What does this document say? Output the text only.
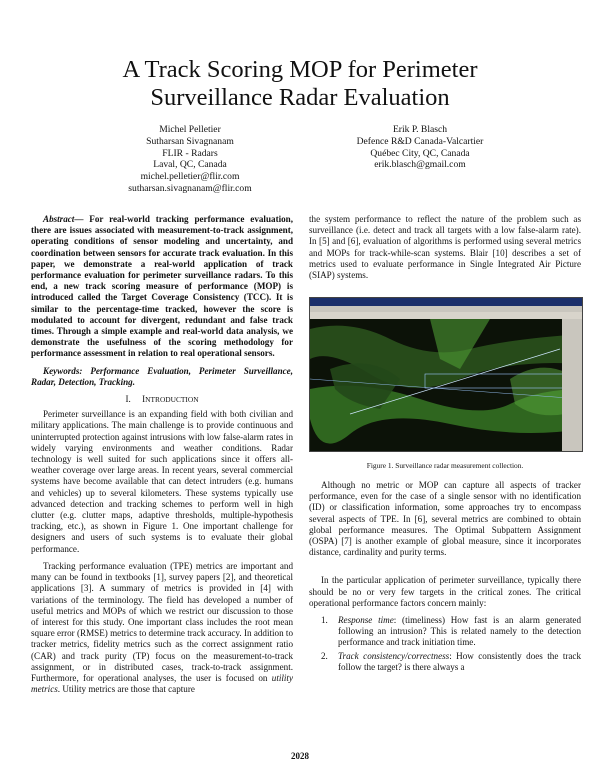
A Track Scoring MOP for Perimeter
Surveillance Radar Evaluation
Michel Pelletier
Sutharsan Sivagnanam
FLIR - Radars
Laval, QC, Canada
michel.pelletier@flir.com
sutharsan.sivagnanam@flir.com
Erik P. Blasch
Defence R&D Canada-Valcartier
Québec City, QC, Canada
erik.blasch@gmail.com

Abstract— For real-world tracking performance evaluation, there are issues associated with measurement-to-track assignment, operating conditions of sensor modeling and uncertainty, and coordination between sensors for accurate track evaluation. In this paper, we demonstrate a real-world application of track performance evaluation for perimeter surveillance radars. To this end, a new track scoring measure of performance (MOP) is introduced called the Target Coverage Consistency (TCC). It is similar to the percentage-time tracked, however the score is modulated to account for divergent, redundant and false track times. Through a simple example and real-world data analysis, we demonstrate the usefulness of the scoring methodology for performance assessment in relation to real operational sensors.

Keywords: Performance Evaluation, Perimeter Surveillance, Radar, Detection, Tracking.

I. INTRODUCTION

Perimeter surveillance is an expanding field with both civilian and military applications. The main challenge is to provide continuous and uninterrupted protection against intrusions with low false-alarm rates in widely varying environments and weather conditions. Radar technology is well suited for such applications since it offers all-weather coverage over large areas. In recent years, several commercial systems have become available that can detect intruders (e.g. humans and vehicles) up to several kilometers. These systems typically use advanced detection and tracking schemes to perform well in high clutter (e.g. clutter maps, adaptive thresholds, multiple-hypothesis tracking, etc.), as shown in Figure 1. One important challenge for designers and users of such systems is to evaluate their global performance.

Tracking performance evaluation (TPE) metrics are important and many can be found in textbooks [1], survey papers [2], and theoretical applications [3]. A summary of metrics is provided in [4] with variations of the terminology. The field has developed a number of useful metrics and MOPs of which we restrict our discussion to those of interest for this study. One important class includes the root mean square error (RMSE) metrics to determine track accuracy. In addition to tracker metrics, fidelity metrics such as the correct assignment ratio (CAR) and track purity (TP) focus on the measurement-to-track assignment, or in distributed cases, track-to-track assignment. Furthermore, for operational analyses, the user is focused on utility metrics. Utility metrics are those that capture

the system performance to reflect the nature of the problem such as surveillance (i.e. detect and track all targets with a low false-alarm rate). In [5] and [6], evaluation of algorithms is performed using several metrics and MOPs for track-while-scan systems. Blair [10] describes a set of metrics used to evaluate performance in Single Integrated Air Picture (SIAP) systems.

Figure 1. Surveillance radar measurement collection.

Although no metric or MOP can capture all aspects of tracker performance, even for the case of a single sensor with no identification (ID) or classification information, some approaches try to encompass several aspects of TPE. In [6], several metrics are combined to obtain global performance measures. The Optimal Subpattern Assignment (OSPA) [7] is another example of global measure, since it incorporates distance, cardinality and purity terms.

In the particular application of perimeter surveillance, typically there should be no or very few targets in the critical zones. The critical operational performance factors concern mainly:

1. Response time: (timeliness) How fast is an alarm generated following an intrusion? This is related namely to the detection performance and track initiation time.
2. Track consistency/correctness: How consistently does the track follow the target? is there always a
2028
